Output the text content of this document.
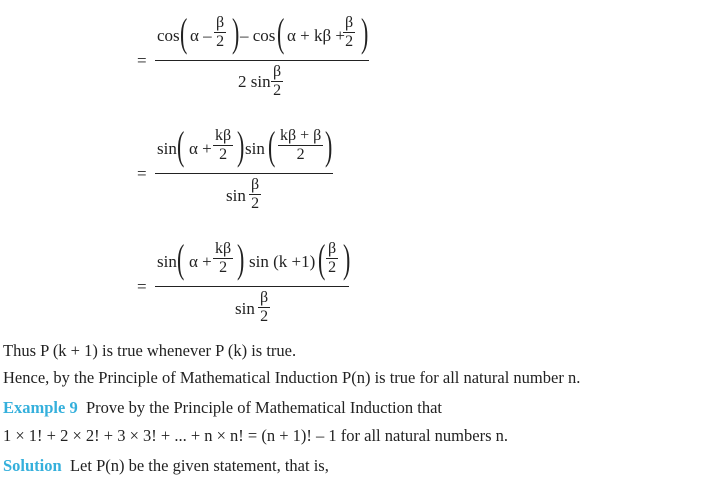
=
cos ( α – $\frac{\beta}{2}$ ) – cos ( α + kβ +
$\frac{\beta}{2}$ )
2 $\sin \frac{\beta}{2}$
=
sin ( $\alpha + \frac{k\beta}{2}$ ) sin ( $\frac{k\beta + \beta}{2}$ )
$\sin \frac{\beta}{2}$
=
sin ( $\alpha + \frac{k\beta}{2}$ ) sin (k +1) ( $\frac{\beta}{2}$ )
$\sin \frac{\beta}{2}$
Thus P (k + 1) is true whenever P (k) is true.
Hence, by the Principle of Mathematical Induction P(n) is true for all natural number n.
Example 9 Prove by the Principle of Mathematical Induction that
1 × 1! + 2 × 2! + 3 × 3! + ... + n × n! = (n + 1)! – 1 for all natural numbers n.
Solution Let P(n) be the given statement, that is,
